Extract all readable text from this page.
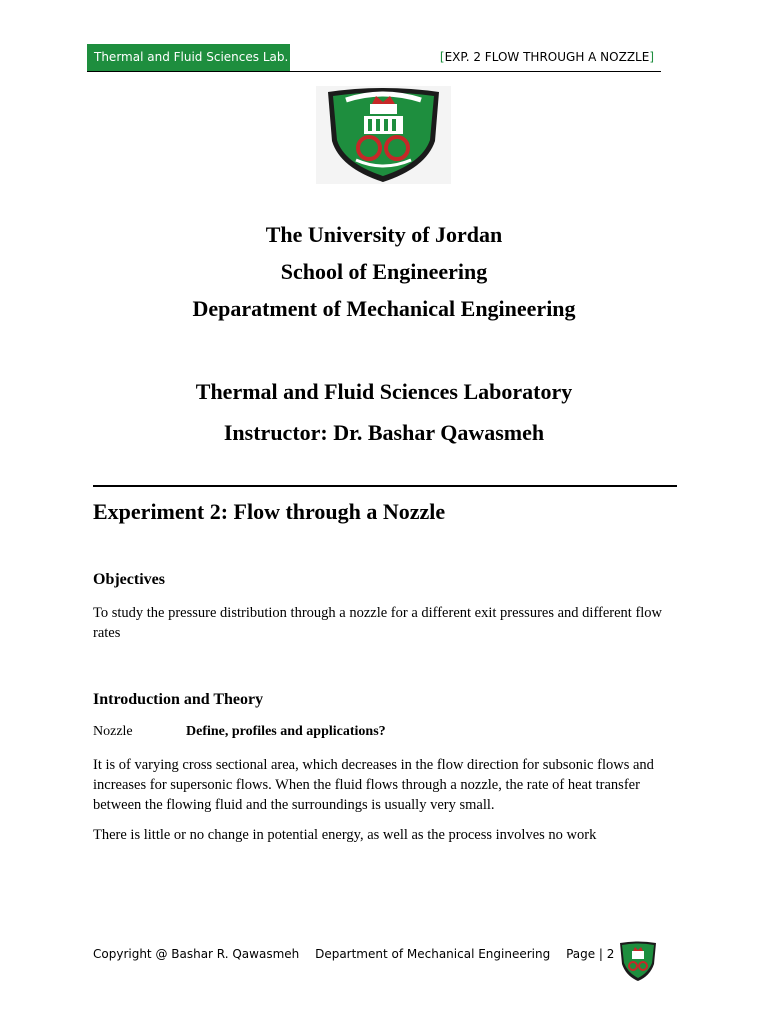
Thermal and Fluid Sciences Lab.	[EXP. 2 FLOW THROUGH A NOZZLE]
The University of Jordan
School of Engineering
Deparatment of Mechanical Engineering
Thermal and Fluid Sciences Laboratory
Instructor: Dr. Bashar Qawasmeh
Experiment 2: Flow through a Nozzle
Objectives
To study the pressure distribution through a nozzle for a different exit pressures and different flow rates
Introduction and Theory
Nozzle	Define, profiles and applications?
It is of varying cross sectional area, which decreases in the flow direction for subsonic flows and increases for supersonic flows. When the fluid flows through a nozzle, the rate of heat transfer between the flowing fluid and the surroundings is usually very small.
There is little or no change in potential energy, as well as the process involves no work
Copyright @ Bashar R. Qawasmeh Department of Mechanical Engineering Page | 2
